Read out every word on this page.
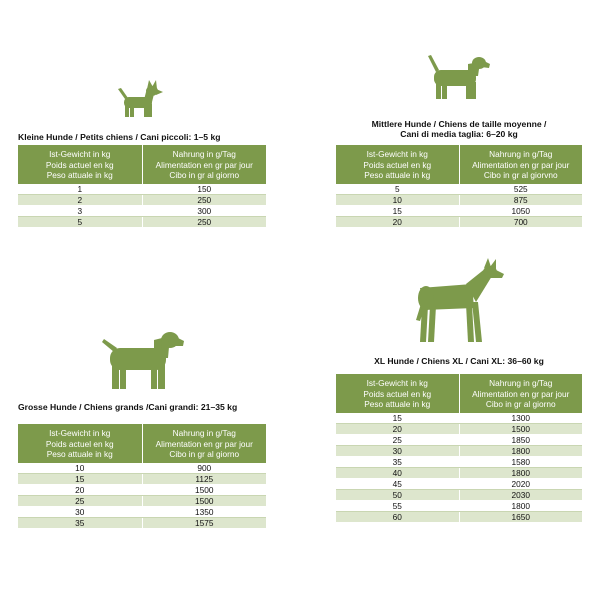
Kleine Hunde / Petits chiens / Cani piccoli: 1–5 kg
Ist-Gewicht in kg
Poids actuel en kg
Peso attuale in kg	Nahrung in g/Tag
Alimentation en gr par jour
Cibo in gr al giorno

1	150
2	250
3	300
5	250
Mittlere Hunde / Chiens de taille moyenne /
Cani di media taglia: 6–20 kg
Ist-Gewicht in kg
Poids actuel en kg
Peso attuale in kg	Nahrung in g/Tag
Alimentation en gr par jour
Cibo in gr al giorvno

5	525
10	875
15	1050
20	700
Grosse Hunde / Chiens grands /Cani grandi: 21–35 kg
Ist-Gewicht in kg
Poids actuel en kg
Peso attuale in kg	Nahrung in g/Tag
Alimentation en gr par jour
Cibo in gr al giorno

10	900
15	1125
20	1500
25	1500
30	1350
35	1575
XL Hunde / Chiens XL / Cani XL: 36–60 kg
Ist-Gewicht in kg
Poids actuel en kg
Peso attuale in kg	Nahrung in g/Tag
Alimentation en gr par jour
Cibo in gr al giorno

15	1300
20	1500
25	1850
30	1800
35	1580
40	1800
45	2020
50	2030
55	1800
60	1650
